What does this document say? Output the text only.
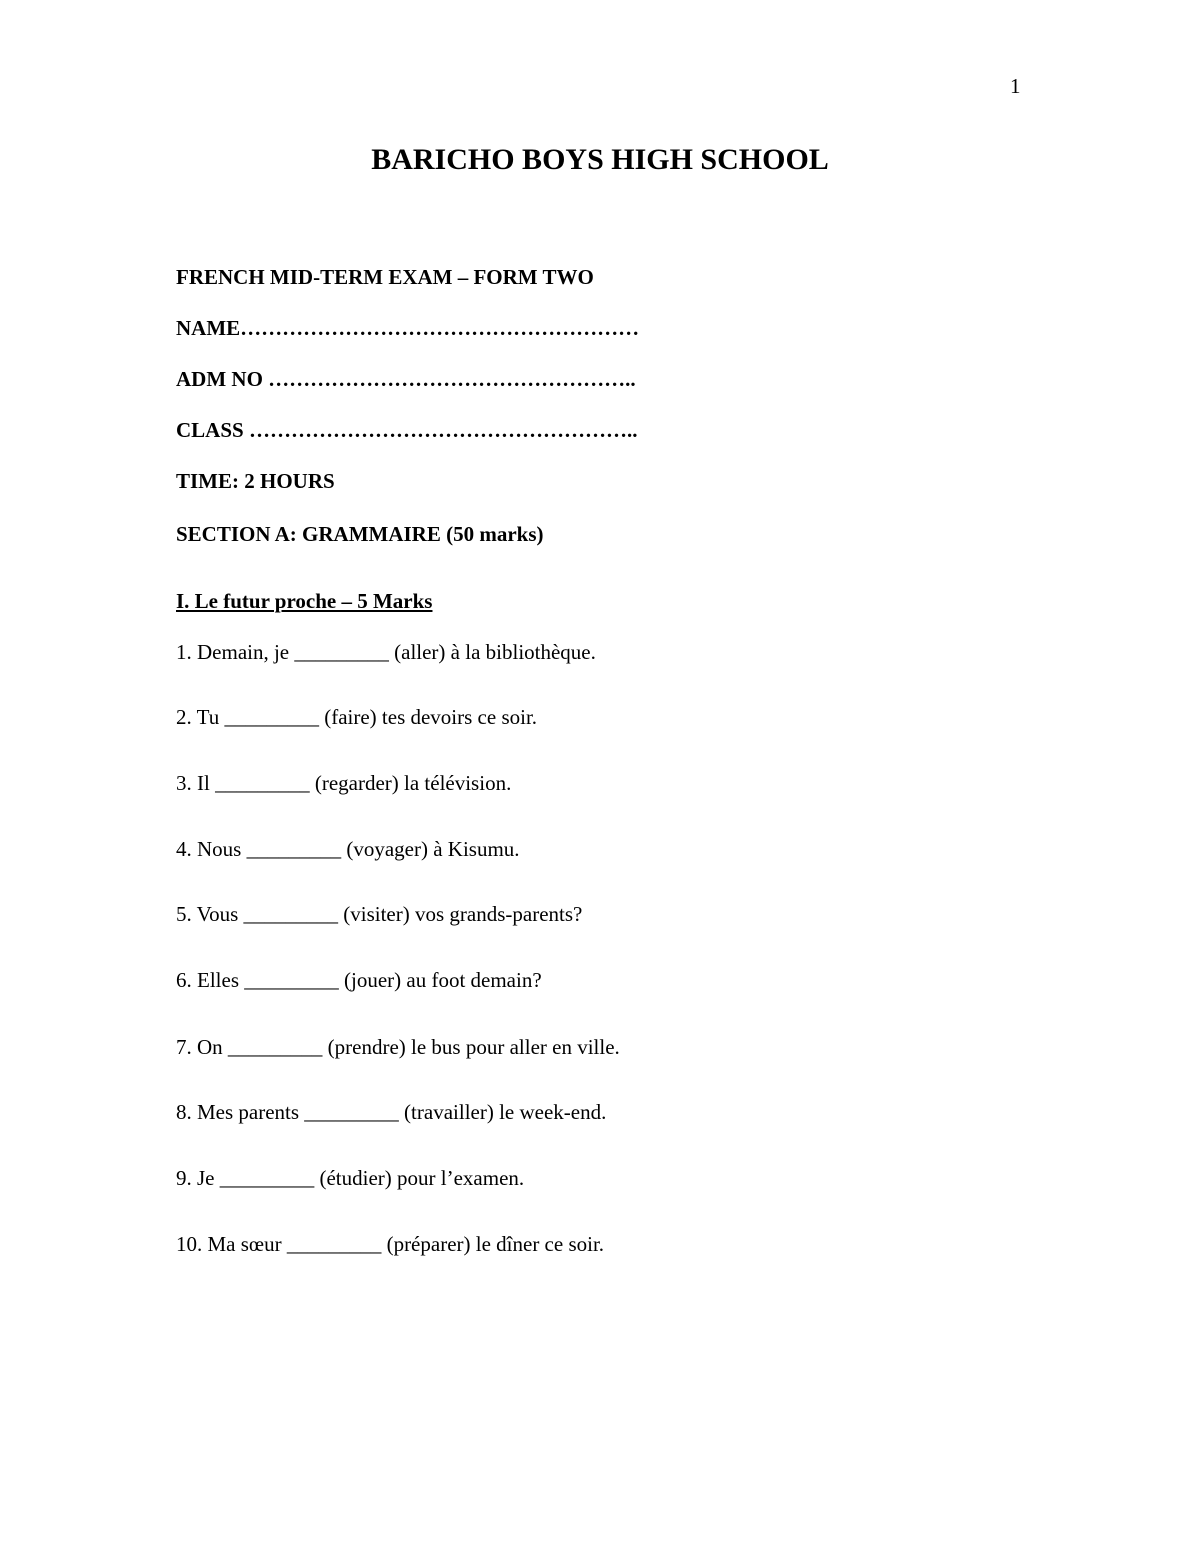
1
BARICHO BOYS HIGH SCHOOL
FRENCH MID-TERM EXAM – FORM TWO
NAME…………………………………………………
ADM NO ……………………………………………..
CLASS ………………………………………………..
TIME: 2 HOURS
SECTION A: GRAMMAIRE (50 marks)
I. Le futur proche – 5 Marks
1. Demain, je _________ (aller) à la bibliothèque.
2. Tu _________ (faire) tes devoirs ce soir.
3. Il _________ (regarder) la télévision.
4. Nous _________ (voyager) à Kisumu.
5. Vous _________ (visiter) vos grands-parents?
6. Elles _________ (jouer) au foot demain?
7. On _________ (prendre) le bus pour aller en ville.
8. Mes parents _________ (travailler) le week-end.
9. Je _________ (étudier) pour l’examen.
10. Ma sœur _________ (préparer) le dîner ce soir.
